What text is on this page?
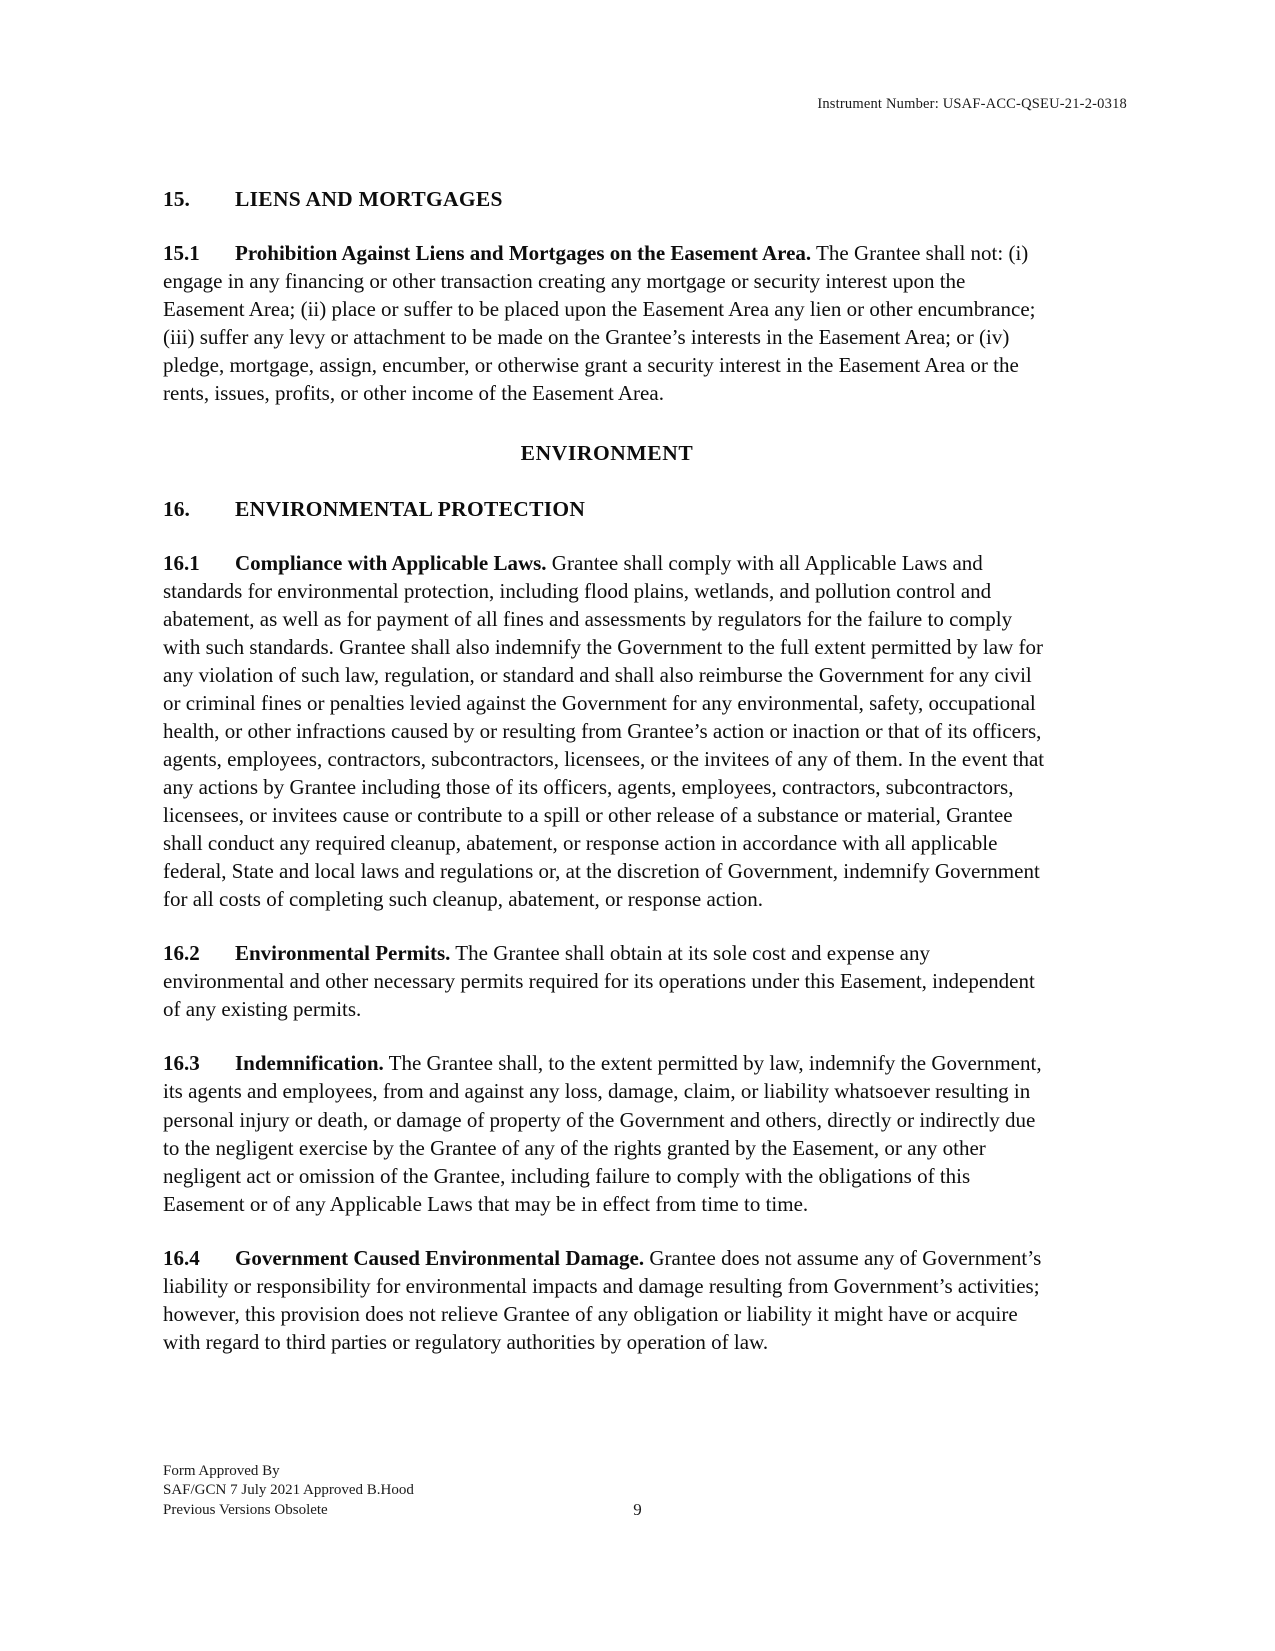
Instrument Number: USAF-ACC-QSEU-21-2-0318
15.	LIENS AND MORTGAGES

15.1 Prohibition Against Liens and Mortgages on the Easement Area. The Grantee shall not: (i) engage in any financing or other transaction creating any mortgage or security interest upon the Easement Area; (ii) place or suffer to be placed upon the Easement Area any lien or other encumbrance; (iii) suffer any levy or attachment to be made on the Grantee’s interests in the Easement Area; or (iv) pledge, mortgage, assign, encumber, or otherwise grant a security interest in the Easement Area or the rents, issues, profits, or other income of the Easement Area.

ENVIRONMENT
16.	ENVIRONMENTAL PROTECTION

16.1 Compliance with Applicable Laws. Grantee shall comply with all Applicable Laws and standards for environmental protection, including flood plains, wetlands, and pollution control and abatement, as well as for payment of all fines and assessments by regulators for the failure to comply with such standards. Grantee shall also indemnify the Government to the full extent permitted by law for any violation of such law, regulation, or standard and shall also reimburse the Government for any civil or criminal fines or penalties levied against the Government for any environmental, safety, occupational health, or other infractions caused by or resulting from Grantee’s action or inaction or that of its officers, agents, employees, contractors, subcontractors, licensees, or the invitees of any of them. In the event that any actions by Grantee including those of its officers, agents, employees, contractors, subcontractors, licensees, or invitees cause or contribute to a spill or other release of a substance or material, Grantee shall conduct any required cleanup, abatement, or response action in accordance with all applicable federal, State and local laws and regulations or, at the discretion of Government, indemnify Government for all costs of completing such cleanup, abatement, or response action.

16.2 Environmental Permits. The Grantee shall obtain at its sole cost and expense any environmental and other necessary permits required for its operations under this Easement, independent of any existing permits.

16.3 Indemnification. The Grantee shall, to the extent permitted by law, indemnify the Government, its agents and employees, from and against any loss, damage, claim, or liability whatsoever resulting in personal injury or death, or damage of property of the Government and others, directly or indirectly due to the negligent exercise by the Grantee of any of the rights granted by the Easement, or any other negligent act or omission of the Grantee, including failure to comply with the obligations of this Easement or of any Applicable Laws that may be in effect from time to time.

16.4 Government Caused Environmental Damage. Grantee does not assume any of Government’s liability or responsibility for environmental impacts and damage resulting from Government’s activities; however, this provision does not relieve Grantee of any obligation or liability it might have or acquire with regard to third parties or regulatory authorities by operation of law.

Form Approved By
SAF/GCN 7 July 2021 Approved B.Hood
Previous Versions Obsolete	9
